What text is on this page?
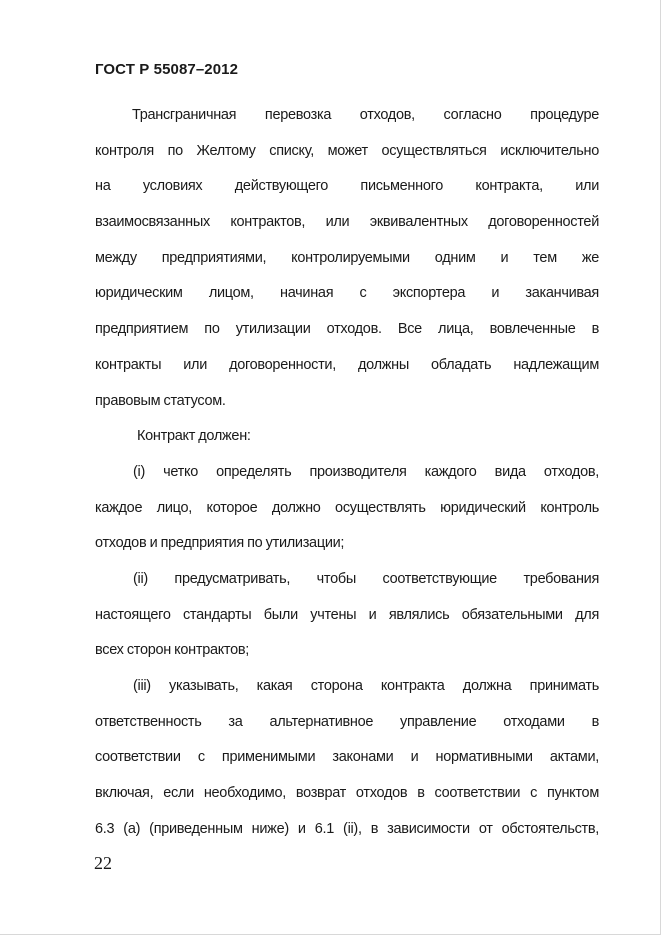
ГОСТ Р 55087–2012
Трансграничная перевозка отходов, согласно процедуре
контроля по Желтому списку, может осуществляться исключительно
на условиях действующего письменного контракта, или
взаимосвязанных контрактов, или эквивалентных договоренностей
между предприятиями, контролируемыми одним и тем же
юридическим лицом, начиная с экспортера и заканчивая
предприятием по утилизации отходов. Все лица, вовлеченные в
контракты или договоренности, должны обладать надлежащим
правовым статусом.
Контракт должен:
(i) четко определять производителя каждого вида отходов,
каждое лицо, которое должно осуществлять юридический контроль
отходов и предприятия по утилизации;
(ii) предусматривать, чтобы соответствующие требования
настоящего стандарты были учтены и являлись обязательными для
всех сторон контрактов;
(iii) указывать, какая сторона контракта должна принимать
ответственность за альтернативное управление отходами в
соответствии с применимыми законами и нормативными актами,
включая, если необходимо, возврат отходов в соответствии с пунктом
6.3 (a) (приведенным ниже) и 6.1 (ii), в зависимости от обстоятельств,
22
